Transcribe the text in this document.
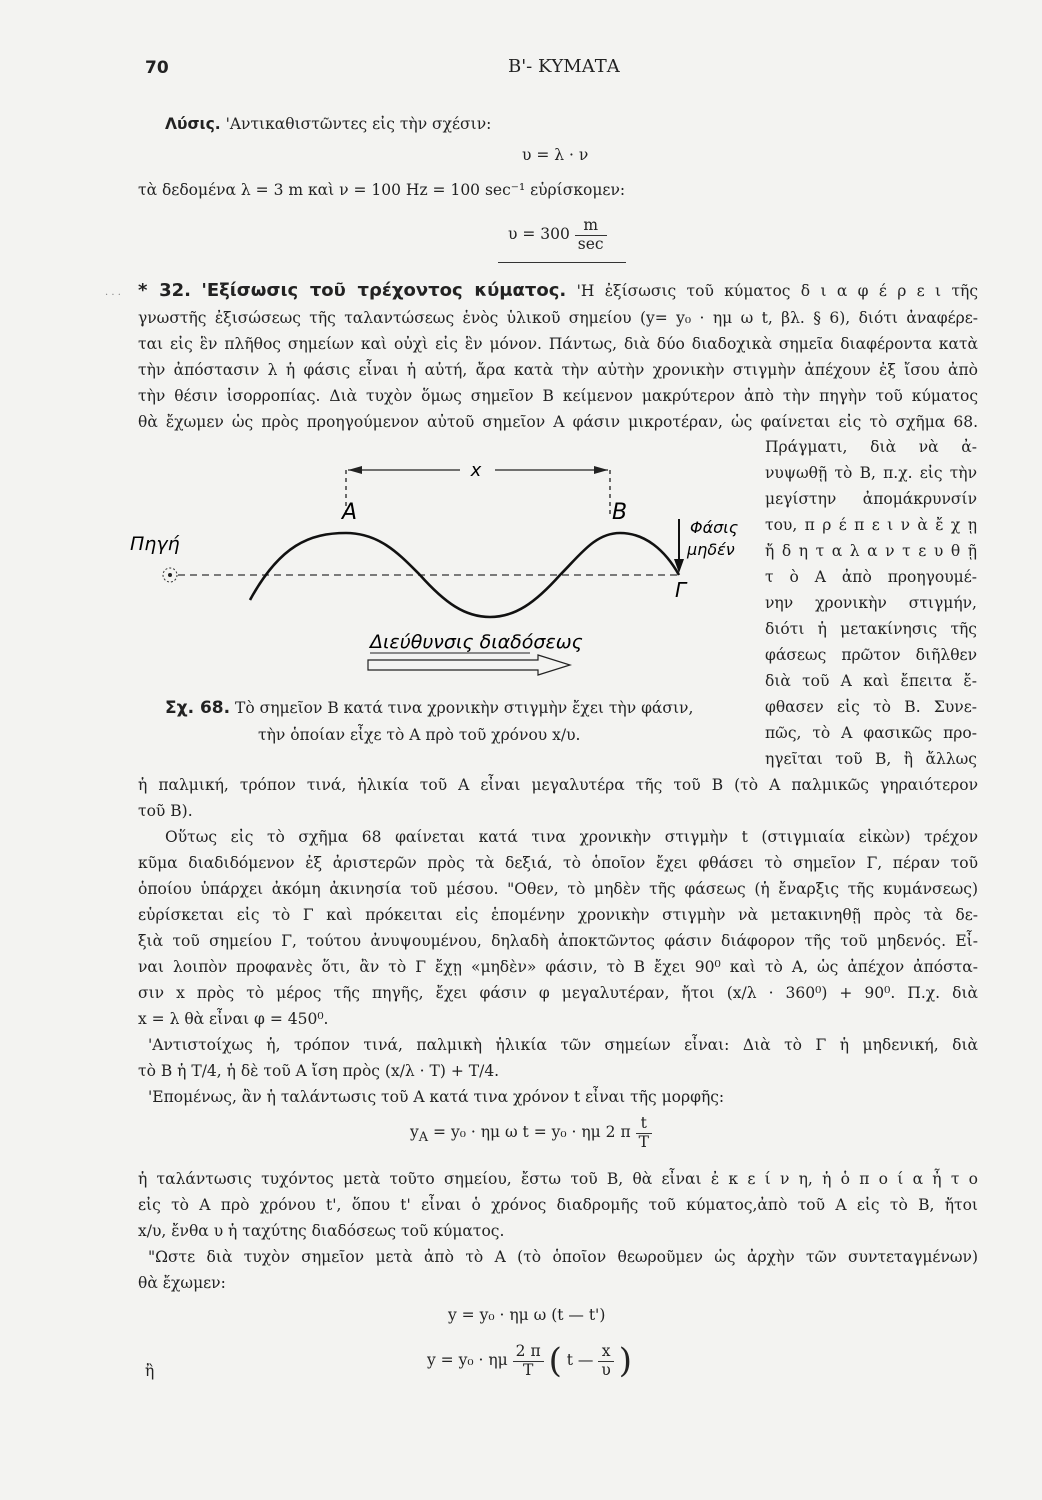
70	Β'- ΚΥΜΑΤΑ
Λύσις. 'Αντικαθιστῶντες εἰς τὴν σχέσιν:
υ = λ · ν
τὰ δεδομένα λ = 3 m καὶ ν = 100 Hz = 100 sec⁻¹ εὑρίσκομεν:
$\upsilon = 300 \frac{m}{\sec}$
· · · * 32. 'Εξίσωσις τοῦ τρέχοντος κύματος. 'Η ἐξίσωσις τοῦ κύματος δ ι α φ έ ρ ε ι τῆς
γνωστῆς ἐξισώσεως τῆς ταλαντώσεως ἑνὸς ὑλικοῦ σημείου (y= y₀ · ημ ω t, βλ. § 6), διότι ἀναφέρε-
ται εἰς ἓν πλῆθος σημείων καὶ οὐχὶ εἰς ἓν μόνον. Πάντως, διὰ δύο διαδοχικὰ σημεῖα διαφέροντα κατὰ
τὴν ἀπόστασιν λ ἡ φάσις εἶναι ἡ αὐτή, ἄρα κατὰ τὴν αὐτὴν χρονικὴν στιγμὴν ἀπέχουν ἐξ ἴσου ἀπὸ
τὴν θέσιν ἰσορροπίας. Διὰ τυχὸν ὅμως σημεῖον Β κείμενον μακρύτερον ἀπὸ τὴν πηγὴν τοῦ κύματος
θὰ ἔχωμεν ὡς πρὸς προηγούμενον αὐτοῦ σημεῖον Α φάσιν μικροτέραν, ὡς φαίνεται εἰς τὸ σχῆμα 68.
Πράγματι, διὰ νὰ ἀ-
νυψωθῇ τὸ Β, π.χ. εἰς τὴν
μεγίστην ἀπομάκρυνσίν
του, π ρ έ π ε ι ν ὰ ἔ χ ῃ
ἤ δ η τ α λ α ν τ ε υ θ ῇ
τ ὸ Α ἀπὸ προηγουμέ-
νην χρονικὴν στιγμήν,
διότι ἡ μετακίνησις τῆς
φάσεως πρῶτον διῆλθεν
διὰ τοῦ Α καὶ ἔπειτα ἔ-
φθασεν εἰς τὸ Β. Συνε-
πῶς, τὸ Α φασικῶς προ-
ηγεῖται τοῦ Β, ἢ ἄλλως
x
A	B
Πηγή
Φάσις
μηδέν
Γ
Διεύθυνσις διαδόσεως
Σχ. 68. Τὸ σημεῖον Β κατά τινα χρονικὴν στιγμὴν ἔχει τὴν φάσιν,
τὴν ὁποίαν εἶχε τὸ Α πρὸ τοῦ χρόνου x/υ.
ἡ παλμική, τρόπον τινά, ἡλικία τοῦ Α εἶναι μεγαλυτέρα τῆς τοῦ Β (τὸ Α παλμικῶς γηραιότερον
τοῦ Β).
Οὕτως εἰς τὸ σχῆμα 68 φαίνεται κατά τινα χρονικὴν στιγμὴν t (στιγμιαία εἰκὼν) τρέχον
κῦμα διαδιδόμενον ἐξ ἀριστερῶν πρὸς τὰ δεξιά, τὸ ὁποῖον ἔχει φθάσει τὸ σημεῖον Γ, πέραν τοῦ
ὁποίου ὑπάρχει ἀκόμη ἀκινησία τοῦ μέσου. "Οθεν, τὸ μηδὲν τῆς φάσεως (ἡ ἔναρξις τῆς κυμάνσεως)
εὑρίσκεται εἰς τὸ Γ καὶ πρόκειται εἰς ἑπομένην χρονικὴν στιγμὴν νὰ μετακινηθῇ πρὸς τὰ δε-
ξιὰ τοῦ σημείου Γ, τούτου ἀνυψουμένου, δηλαδὴ ἀποκτῶντος φάσιν διάφορον τῆς τοῦ μηδενός. Εἶ-
ναι λοιπὸν προφανὲς ὅτι, ἂν τὸ Γ ἔχῃ «μηδὲν» φάσιν, τὸ Β ἔχει 90⁰ καὶ τὸ Α, ὡς ἀπέχον ἀπόστα-
σιν x πρὸς τὸ μέρος τῆς πηγῆς, ἔχει φάσιν φ μεγαλυτέραν, ἤτοι (x/λ · 360⁰) + 90⁰. Π.χ. διὰ
x = λ θὰ εἶναι φ = 450⁰.
'Αντιστοίχως ἡ, τρόπον τινά, παλμικὴ ἡλικία τῶν σημείων εἶναι: Διὰ τὸ Γ ἡ μηδενική, διὰ
τὸ Β ἡ T/4, ἡ δὲ τοῦ Α ἴση πρὸς (x/λ · T) + T/4.
'Επομένως, ἂν ἡ ταλάντωσις τοῦ Α κατά τινα χρόνον t εἶναι τῆς μορφῆς:
$y_A = y_0 \cdot \eta\mu$ ω t = y₀ · ημ 2 π $\frac{t}{T}$
ἡ ταλάντωσις τυχόντος μετὰ τοῦτο σημείου, ἔστω τοῦ Β, θὰ εἶναι ἐ κ ε ί ν η, ἡ ὁ π ο ί α ἦ τ ο
εἰς τὸ Α πρὸ χρόνου t', ὅπου t' εἶναι ὁ χρόνος διαδρομῆς τοῦ κύματος,ἀπὸ τοῦ Α εἰς τὸ Β, ἤτοι
x/υ, ἔνθα υ ἡ ταχύτης διαδόσεως τοῦ κύματος.
"Ωστε διὰ τυχὸν σημεῖον μετὰ ἀπὸ τὸ Α (τὸ ὁποῖον θεωροῦμεν ὡς ἀρχὴν τῶν συντεταγμένων)
θὰ ἔχωμεν:
y = y₀ · ημ ω (t — t')
ἢ
y = y₀ · ημ $\frac{2 \pi}{T}$ ( t — $\frac{x}{\upsilon}$ )
